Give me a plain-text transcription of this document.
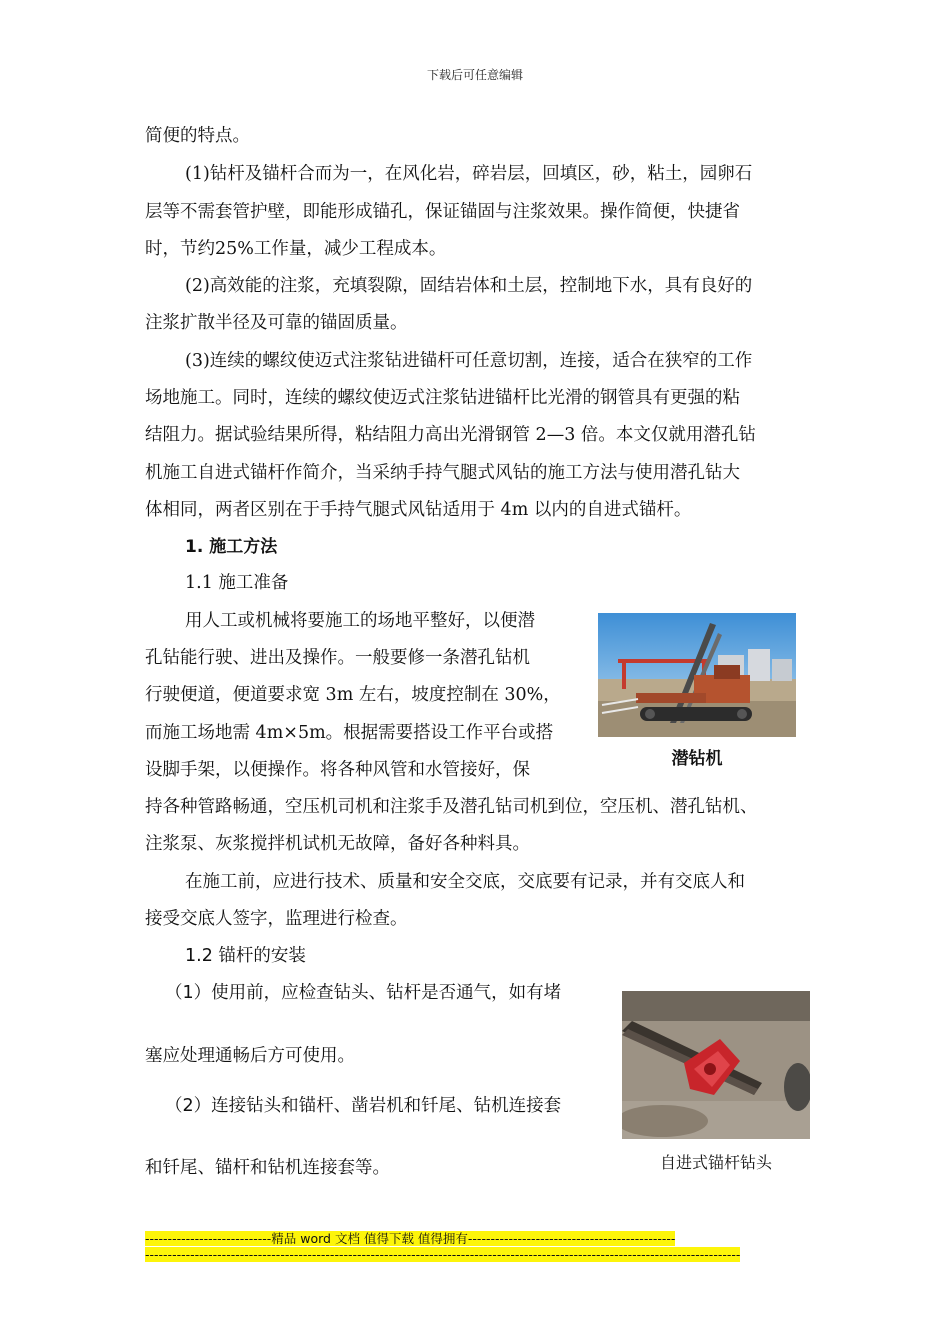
下载后可任意编辑
简便的特点。
(1)钻杆及锚杆合而为一，在风化岩，碎岩层，回填区，砂，粘土，园卵石
层等不需套管护壁，即能形成锚孔，保证锚固与注浆效果。操作简便，快捷省
时，节约25%工作量，减少工程成本。
(2)高效能的注浆，充填裂隙，固结岩体和土层，控制地下水，具有良好的
注浆扩散半径及可靠的锚固质量。
(3)连续的螺纹使迈式注浆钻进锚杆可任意切割，连接，适合在狭窄的工作
场地施工。同时，连续的螺纹使迈式注浆钻进锚杆比光滑的钢管具有更强的粘
结阻力。据试验结果所得，粘结阻力高出光滑钢管 2—3 倍。本文仅就用潜孔钻
机施工自进式锚杆作简介，当采纳手持气腿式风钻的施工方法与使用潜孔钻大
体相同，两者区别在于手持气腿式风钻适用于 4m 以内的自进式锚杆。
1. 施工方法
1.1 施工准备
用人工或机械将要施工的场地平整好，以便潜
孔钻能行驶、进出及操作。一般要修一条潜孔钻机
行驶便道，便道要求宽 3m 左右，坡度控制在 30%，
而施工场地需 4m×5m。根据需要搭设工作平台或搭
设脚手架，以便操作。将各种风管和水管接好，保
持各种管路畅通，空压机司机和注浆手及潜孔钻司机到位，空压机、潜孔钻机、
注浆泵、灰浆搅拌机试机无故障，备好各种料具。
在施工前，应进行技术、质量和安全交底，交底要有记录，并有交底人和
接受交底人签字，监理进行检查。
1.2 锚杆的安装
（1）使用前，应检查钻头、钻杆是否通气，如有堵
塞应处理通畅后方可使用。
（2）连接钻头和锚杆、凿岩机和钎尾、钻机连接套
和钎尾、锚杆和钻机连接套等。
潜钻机
自进式锚杆钻头
----------------------------精品 word 文档 值得下载 值得拥有----------------------------------------------
------------------------------------------------------------------------------------------------------------------------------------
